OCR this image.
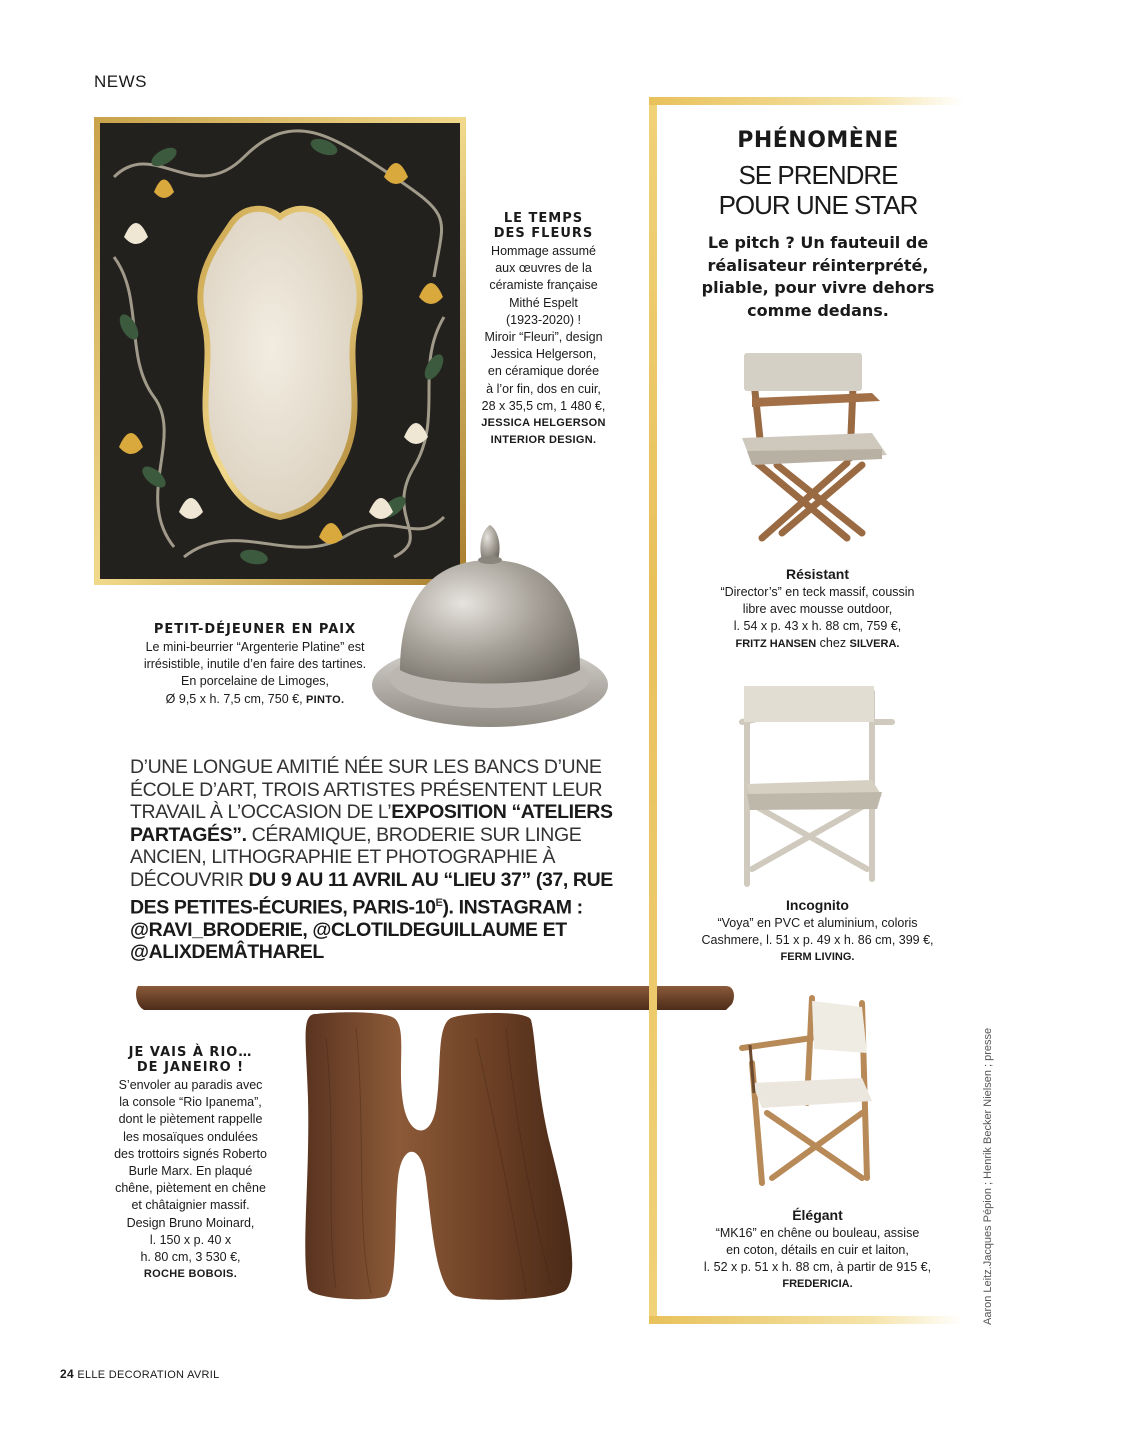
NEWS
LE TEMPS
DES FLEURS
Hommage assumé
aux œuvres de la
céramiste française
Mithé Espelt
(1923-2020) !
Miroir “Fleuri”, design
Jessica Helgerson,
en céramique dorée
à l’or fin, dos en cuir,
28 x 35,5 cm, 1 480 €,
JESSICA HELGERSON
INTERIOR DESIGN.
PETIT-DÉJEUNER EN PAIX
Le mini-beurrier “Argenterie Platine” est
irrésistible, inutile d’en faire des tartines.
En porcelaine de Limoges,
Ø 9,5 x h. 7,5 cm, 750 €, PINTO.
D’UNE LONGUE AMITIÉ NÉE SUR LES BANCS D’UNE ÉCOLE D’ART, TROIS ARTISTES PRÉSENTENT LEUR TRAVAIL À L’OCCASION DE L’EXPOSITION “ATELIERS PARTAGÉS”. CÉRAMIQUE, BRODERIE SUR LINGE ANCIEN, LITHOGRAPHIE ET PHOTOGRAPHIE À DÉCOUVRIR DU 9 AU 11 AVRIL AU “LIEU 37” (37, RUE DES PETITES-ÉCURIES, PARIS-$10^E$). INSTAGRAM : @RAVI_BRODERIE, @CLOTILDEGUILLAUME ET @ALIXDEMÂTHAREL
JE VAIS À RIO…
DE JANEIRO !
S’envoler au paradis avec
la console “Rio Ipanema”,
dont le piètement rappelle
les mosaïques ondulées
des trottoirs signés Roberto
Burle Marx. En plaqué
chêne, piètement en chêne
et châtaignier massif.
Design Bruno Moinard,
l. 150 x p. 40 x
h. 80 cm, 3 530 €,
ROCHE BOBOIS.
PHÉNOMÈNE
SE PRENDRE
POUR UNE STAR
Le pitch ? Un fauteuil de
réalisateur réinterprété,
pliable, pour vivre dehors
comme dedans.
Résistant
“Director’s” en teck massif, coussin
libre avec mousse outdoor,
l. 54 x p. 43 x h. 88 cm, 759 €,
FRITZ HANSEN chez SILVERA.
Incognito
“Voya” en PVC et aluminium, coloris
Cashmere, l. 51 x p. 49 x h. 86 cm, 399 €,
FERM LIVING.
Élégant
“MK16” en chêne ou bouleau, assise
en coton, détails en cuir et laiton,
l. 52 x p. 51 x h. 88 cm, à partir de 915 €,
FREDERICIA.	Aaron Leitz.Jacques Pépion ; Henrik Becker Nielsen ; presse
24 ELLE DECORATION AVRIL
